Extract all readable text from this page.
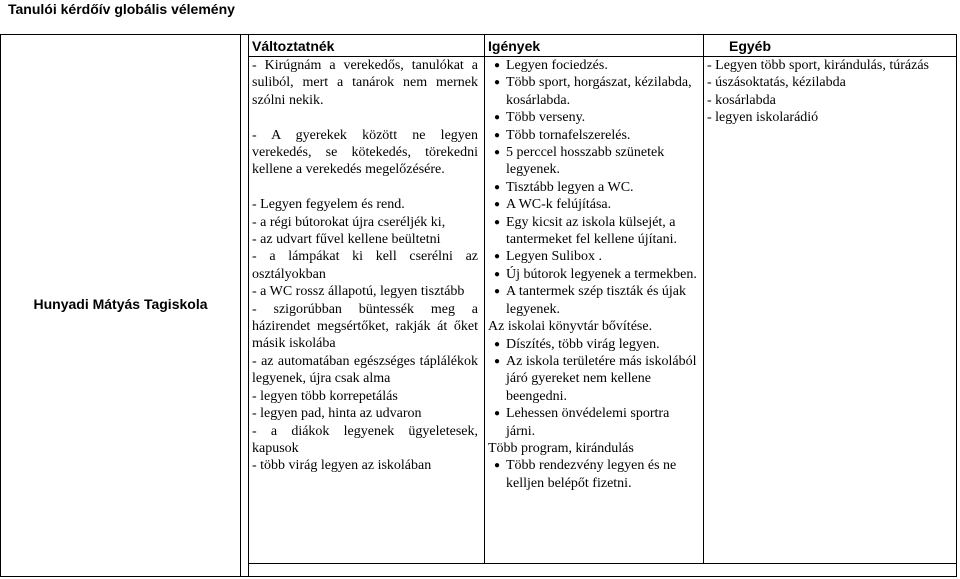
Tanulói kérdőív globális vélemény
Hunyadi Mátyás Tagiskola
Változtatnék	Igények	Egyéb

- Kirúgnám a verekedős, tanulókat a suliból, mert a tanárok nem mernek szólni nekik.

- A gyerekek között ne legyen verekedés, se kötekedés, törekedni kellene a verekedés megelőzésére.

- Legyen fegyelem és rend.

- a régi bútorokat újra cseréljék ki,

- az udvart fűvel kellene beültetni

- a lámpákat ki kell cserélni az osztályokban

- a WC rossz állapotú, legyen tisztább

- szigorúbban büntessék meg a házirendet megsértőket, rakják át őket másik iskolába

- az automatában egészséges táplálékok legyenek, újra csak alma

- legyen több korrepetálás

- legyen pad, hinta az udvaron

- a diákok legyenek ügyeletesek, kapusok

- több virág legyen az iskolában

● Legyen fociedzés.
● Több sport, horgászat, kézilabda, kosárlabda.
● Több verseny.
● Több tornafelszerelés.
● 5 perccel hosszabb szünetek legyenek.
● Tisztább legyen a WC.
● A WC-k felújítása.
● Egy kicsit az iskola külsejét, a tantermeket fel kellene újítani.
● Legyen Sulibox .
● Új bútorok legyenek a termekben.
● A tantermek szép tiszták és újak legyenek.
Az iskolai könyvtár bővítése.
● Díszítés, több virág legyen.
● Az iskola területére más iskolából járó gyereket nem kellene beengedni.
● Lehessen önvédelemi sportra járni.
Több program, kirándulás
● Több rendezvény legyen és ne kelljen belépőt fizetni.

- Legyen több sport, kirándulás, túrázás

- úszásoktatás, kézilabda

- kosárlabda

- legyen iskolarádió
